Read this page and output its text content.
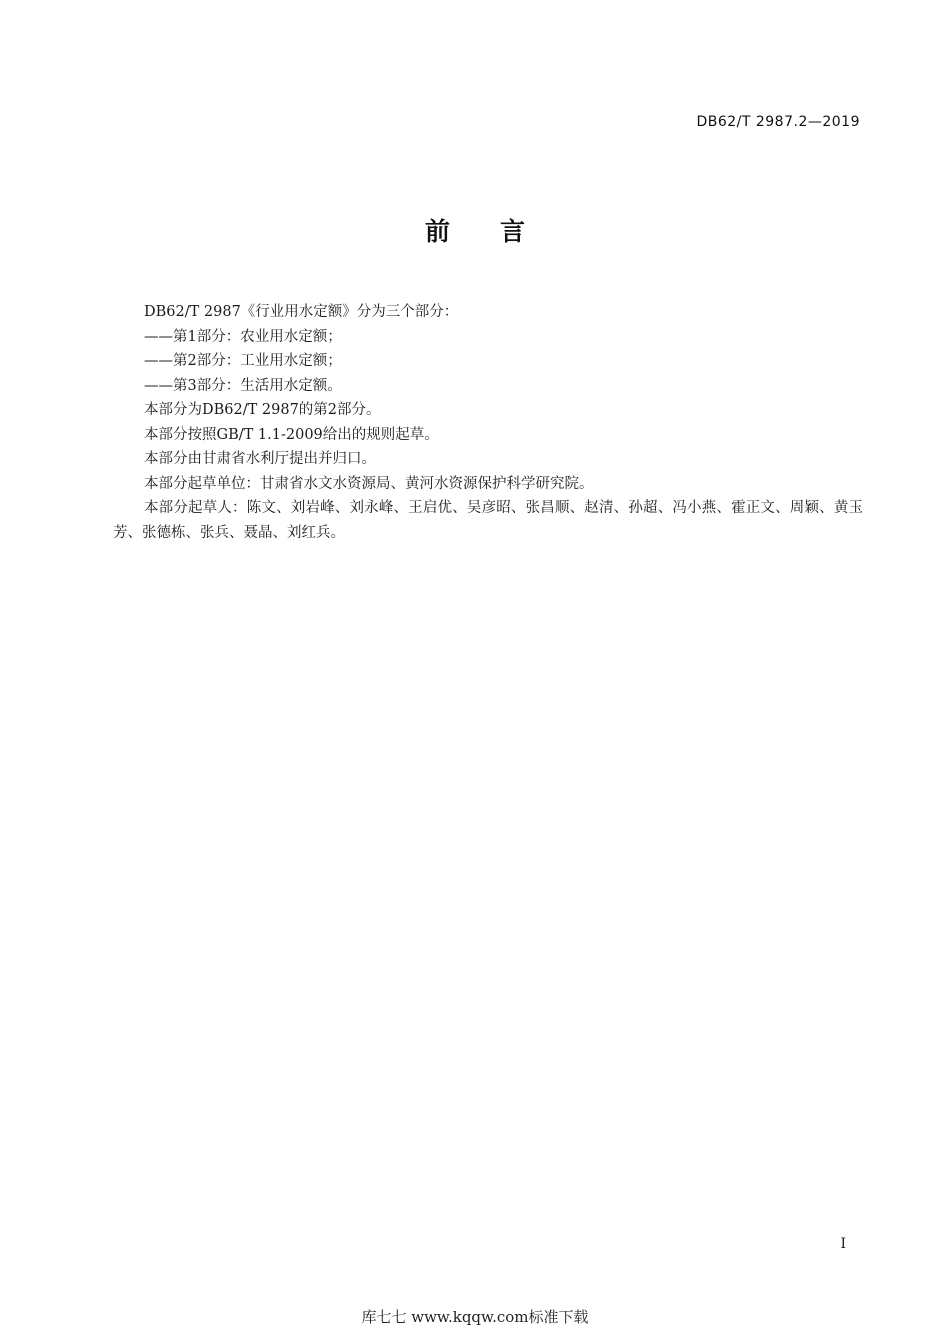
DB62/T 2987.2—2019
前言

DB62/T 2987《行业用水定额》分为三个部分：

——第1部分：农业用水定额；

——第2部分：工业用水定额；

——第3部分：生活用水定额。

本部分为DB62/T 2987的第2部分。

本部分按照GB/T 1.1-2009给出的规则起草。

本部分由甘肃省水利厅提出并归口。

本部分起草单位：甘肃省水文水资源局、黄河水资源保护科学研究院。

本部分起草人：陈文、刘岩峰、刘永峰、王启优、吴彦昭、张昌顺、赵清、孙超、冯小燕、霍正文、周颖、黄玉芳、张德栋、张兵、聂晶、刘红兵。

I
库七七 www.kqqw.com标准下载
